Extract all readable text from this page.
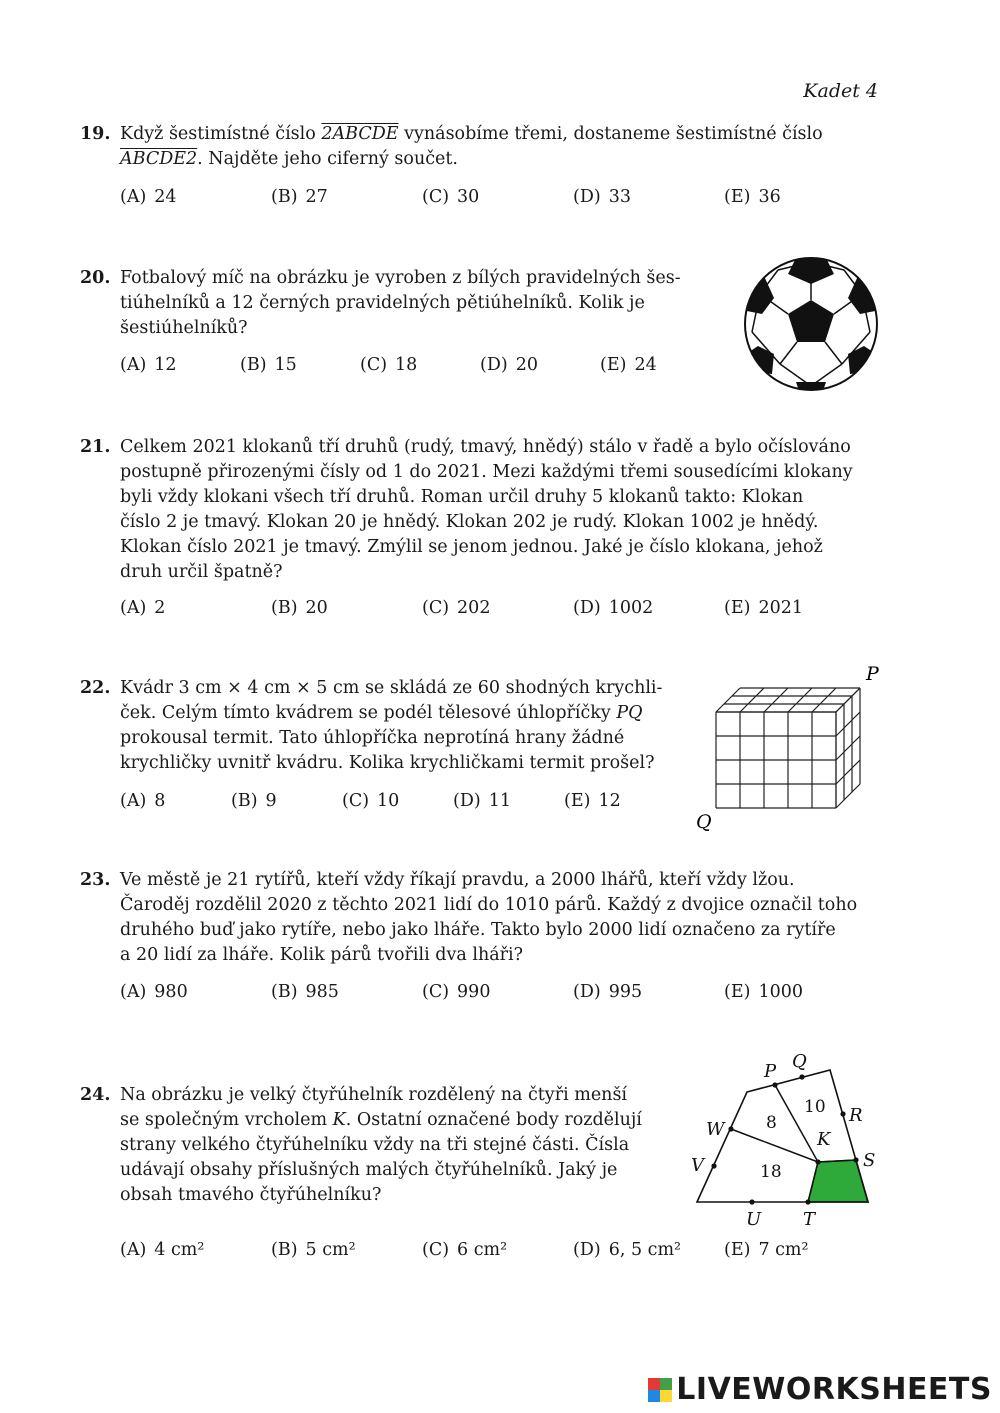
Kadet 4
19. Když šestimístné číslo 2ABCDE vynásobíme třemi, dostaneme šestimístné číslo

ABCDE2. Najděte jeho ciferný součet.

(A) 24	(B) 27	(C) 30	(D) 33	(E) 36
20. Fotbalový míč na obrázku je vyroben z bílých pravidelných šes-

tiúhelníků a 12 černých pravidelných pětiúhelníků. Kolik je

šestiúhelníků?

(A) 12	(B) 15	(C) 18	(D) 20	(E) 24
21. Celkem 2021 klokanů tří druhů (rudý, tmavý, hnědý) stálo v řadě a bylo očíslováno

postupně přirozenými čísly od 1 do 2021. Mezi každými třemi sousedícími klokany

byli vždy klokani všech tří druhů. Roman určil druhy 5 klokanů takto: Klokan

číslo 2 je tmavý. Klokan 20 je hnědý. Klokan 202 je rudý. Klokan 1002 je hnědý.

Klokan číslo 2021 je tmavý. Zmýlil se jenom jednou. Jaké je číslo klokana, jehož

druh určil špatně?

(A) 2	(B) 20	(C) 202	(D) 1002	(E) 2021
22. Kvádr 3 cm × 4 cm × 5 cm se skládá ze 60 shodných krychli-

ček. Celým tímto kvádrem se podél tělesové úhlopříčky PQ

prokousal termit. Tato úhlopříčka neprotíná hrany žádné

krychličky uvnitř kvádru. Kolika krychličkami termit prošel?

(A) 8	(B) 9	(C) 10	(D) 11	(E) 12
P
Q
23. Ve městě je 21 rytířů, kteří vždy říkají pravdu, a 2000 lhářů, kteří vždy lžou.

Čaroděj rozdělil 2020 z těchto 2021 lidí do 1010 párů. Každý z dvojice označil toho

druhého buď jako rytíře, nebo jako lháře. Takto bylo 2000 lidí označeno za rytíře

a 20 lidí za lháře. Kolik párů tvořili dva lháři?

(A) 980	(B) 985	(C) 990	(D) 995	(E) 1000
24. Na obrázku je velký čtyřúhelník rozdělený na čtyři menší

se společným vrcholem K. Ostatní označené body rozdělují

strany velkého čtyřúhelníku vždy na tři stejné části. Čísla

udávají obsahy příslušných malých čtyřúhelníků. Jaký je

obsah tmavého čtyřúhelníku?

(A) 4 cm²	(B) 5 cm²	(C) 6 cm²	(D) 6, 5 cm²	(E) 7 cm²
P Q
R
S
T
U
V
W	K
8
10
18
LIVEWORKSHEETS
